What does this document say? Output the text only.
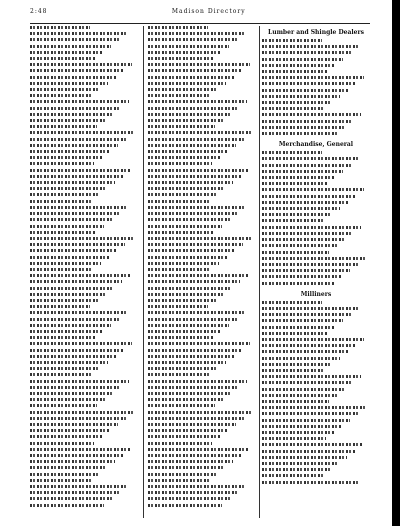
2:48	Madison Directory

Lumber and Shingle Dealers

Merchandise, General

Milliners
